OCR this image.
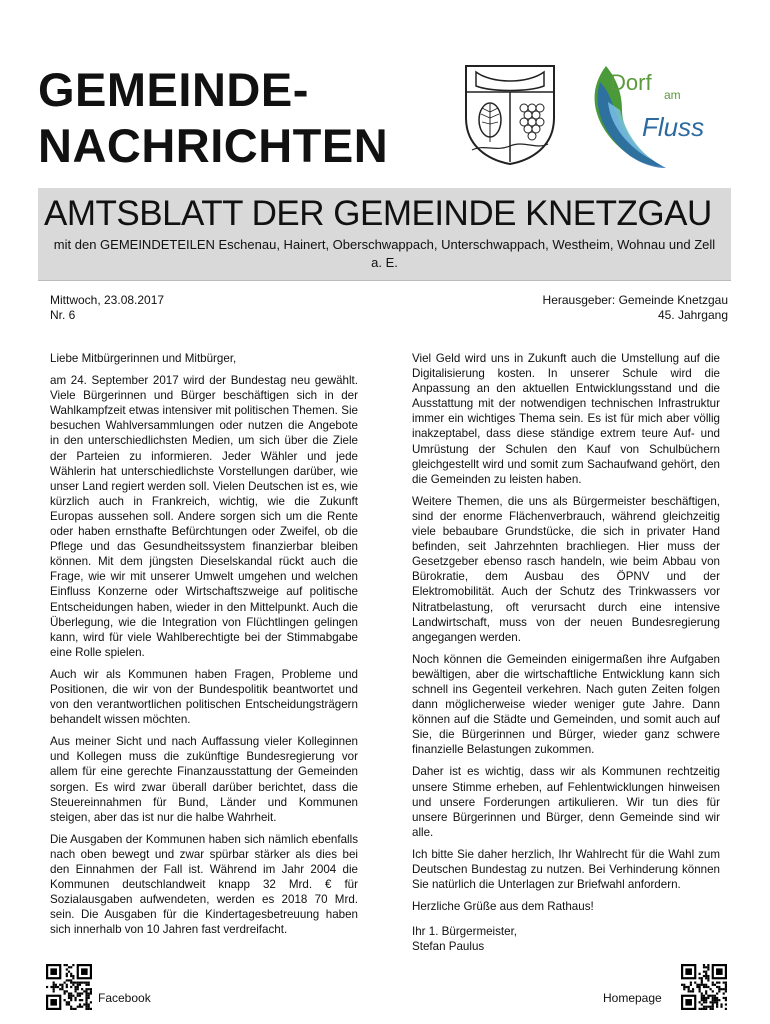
GEMEINDE-
NACHRICHTEN
Dorf am
Fluss
AMTSBLATT DER GEMEINDE KNETZGAU
mit den GEMEINDETEILEN Eschenau, Hainert, Oberschwappach, Unterschwappach, Westheim, Wohnau und Zell a. E.
Mittwoch, 23.08.2017
Nr. 6
Herausgeber: Gemeinde Knetzgau
45. Jahrgang

Liebe Mitbürgerinnen und Mitbürger,

am 24. September 2017 wird der Bundestag neu gewählt. Viele Bürgerinnen und Bürger beschäftigen sich in der Wahlkampfzeit etwas intensiver mit politischen Themen. Sie besuchen Wahlversammlungen oder nutzen die Angebote in den unterschiedlichsten Medien, um sich über die Ziele der Parteien zu informieren. Jeder Wähler und jede Wählerin hat unterschiedlichste Vorstellungen darüber, wie unser Land regiert werden soll. Vielen Deutschen ist es, wie kürzlich auch in Frankreich, wichtig, wie die Zukunft Europas aussehen soll. Andere sorgen sich um die Rente oder haben ernsthafte Befürchtungen oder Zweifel, ob die Pflege und das Gesundheitssystem finanzierbar bleiben können. Mit dem jüngsten Dieselskandal rückt auch die Frage, wie wir mit unserer Umwelt umgehen und welchen Einfluss Konzerne oder Wirtschaftszweige auf politische Entscheidungen haben, wieder in den Mittelpunkt. Auch die Überlegung, wie die Integration von Flüchtlingen gelingen kann, wird für viele Wahlberechtigte bei der Stimmabgabe eine Rolle spielen.

Auch wir als Kommunen haben Fragen, Probleme und Positionen, die wir von der Bundespolitik beantwortet und von den verantwortlichen politischen Entscheidungsträgern behandelt wissen möchten.

Aus meiner Sicht und nach Auffassung vieler Kolleginnen und Kollegen muss die zukünftige Bundesregierung vor allem für eine gerechte Finanzausstattung der Gemeinden sorgen. Es wird zwar überall darüber berichtet, dass die Steuereinnahmen für Bund, Länder und Kommunen steigen, aber das ist nur die halbe Wahrheit.

Die Ausgaben der Kommunen haben sich nämlich ebenfalls nach oben bewegt und zwar spürbar stärker als dies bei den Einnahmen der Fall ist. Während im Jahr 2004 die Kommunen deutschlandweit knapp 32 Mrd. € für Sozialausgaben aufwendeten, werden es 2018 70 Mrd. sein. Die Ausgaben für die Kindertagesbetreuung haben sich innerhalb von 10 Jahren fast verdreifacht.

Viel Geld wird uns in Zukunft auch die Umstellung auf die Digitalisierung kosten. In unserer Schule wird die Anpassung an den aktuellen Entwicklungsstand und die Ausstattung mit der notwendigen technischen Infrastruktur immer ein wichtiges Thema sein. Es ist für mich aber völlig inakzeptabel, dass diese ständige extrem teure Auf- und Umrüstung der Schulen den Kauf von Schulbüchern gleichgestellt wird und somit zum Sachaufwand gehört, den die Gemeinden zu leisten haben.

Weitere Themen, die uns als Bürgermeister beschäftigen, sind der enorme Flächenverbrauch, während gleichzeitig viele bebaubare Grundstücke, die sich in privater Hand befinden, seit Jahrzehnten brachliegen. Hier muss der Gesetzgeber ebenso rasch handeln, wie beim Abbau von Bürokratie, dem Ausbau des ÖPNV und der Elektromobilität. Auch der Schutz des Trinkwassers vor Nitratbelastung, oft verursacht durch eine intensive Landwirtschaft, muss von der neuen Bundesregierung angegangen werden.

Noch können die Gemeinden einigermaßen ihre Aufgaben bewältigen, aber die wirtschaftliche Entwicklung kann sich schnell ins Gegenteil verkehren. Nach guten Zeiten folgen dann möglicherweise wieder weniger gute Jahre. Dann können auf die Städte und Gemeinden, und somit auch auf Sie, die Bürgerinnen und Bürger, wieder ganz schwere finanzielle Belastungen zukommen.

Daher ist es wichtig, dass wir als Kommunen rechtzeitig unsere Stimme erheben, auf Fehlentwicklungen hinweisen und unsere Forderungen artikulieren. Wir tun dies für unsere Bürgerinnen und Bürger, denn Gemeinde sind wir alle.

Ich bitte Sie daher herzlich, Ihr Wahlrecht für die Wahl zum Deutschen Bundestag zu nutzen. Bei Verhinderung können Sie natürlich die Unterlagen zur Briefwahl anfordern.

Herzliche Grüße aus dem Rathaus!

Ihr 1. Bürgermeister,
Stefan Paulus

Facebook	Homepage
